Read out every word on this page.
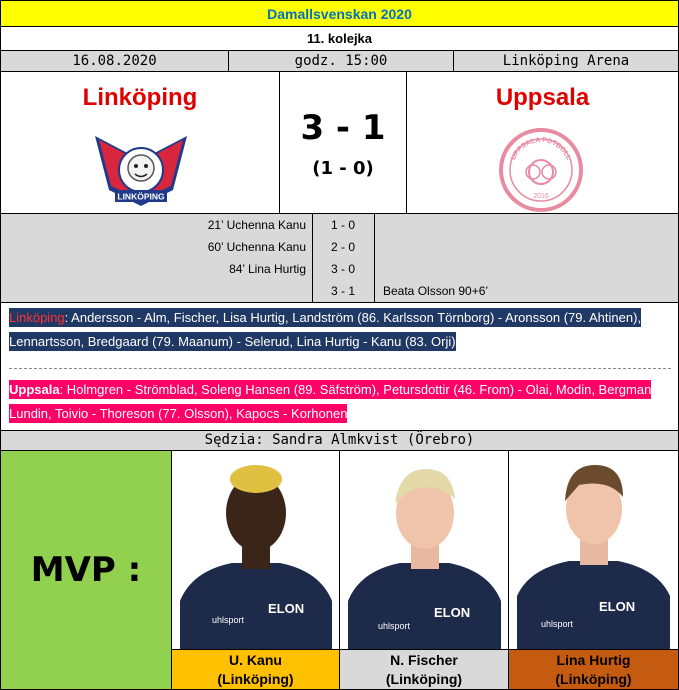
Damallsvenskan 2020
11. kolejka
16.08.2020	godz. 15:00	Linköping Arena
Linköping	Uppsala
LINKÖPING
3 - 1
(1 - 0)
UPPSALA FOTBOLL
2016
21’ Uchenna Kanu	1 - 0
60’ Uchenna Kanu	2 - 0
84’ Lina Hurtig	3 - 0
3 - 1	Beata Olsson 90+6’
Linköping: Andersson - Alm, Fischer, Lisa Hurtig, Landström (86. Karlsson Törnborg) - Aronsson (79. Ahtinen), Lennartsson, Bredgaard (79. Maanum) - Selerud, Lina Hurtig - Kanu (83. Orji)
Uppsala: Holmgren - Strömblad, Soleng Hansen (89. Säfström), Petursdottir (46. From) - Olai, Modin, Bergman Lundin, Toivio - Thoreson (77. Olsson), Kapocs - Korhonen
Sędzia: Sandra Almkvist (Örebro)
MVP :
uhlsport
ELON
U. Kanu
(Linköping)
uhlsport
ELON
N. Fischer
(Linköping)
uhlsport
ELON
Lina Hurtig
(Linköping)
